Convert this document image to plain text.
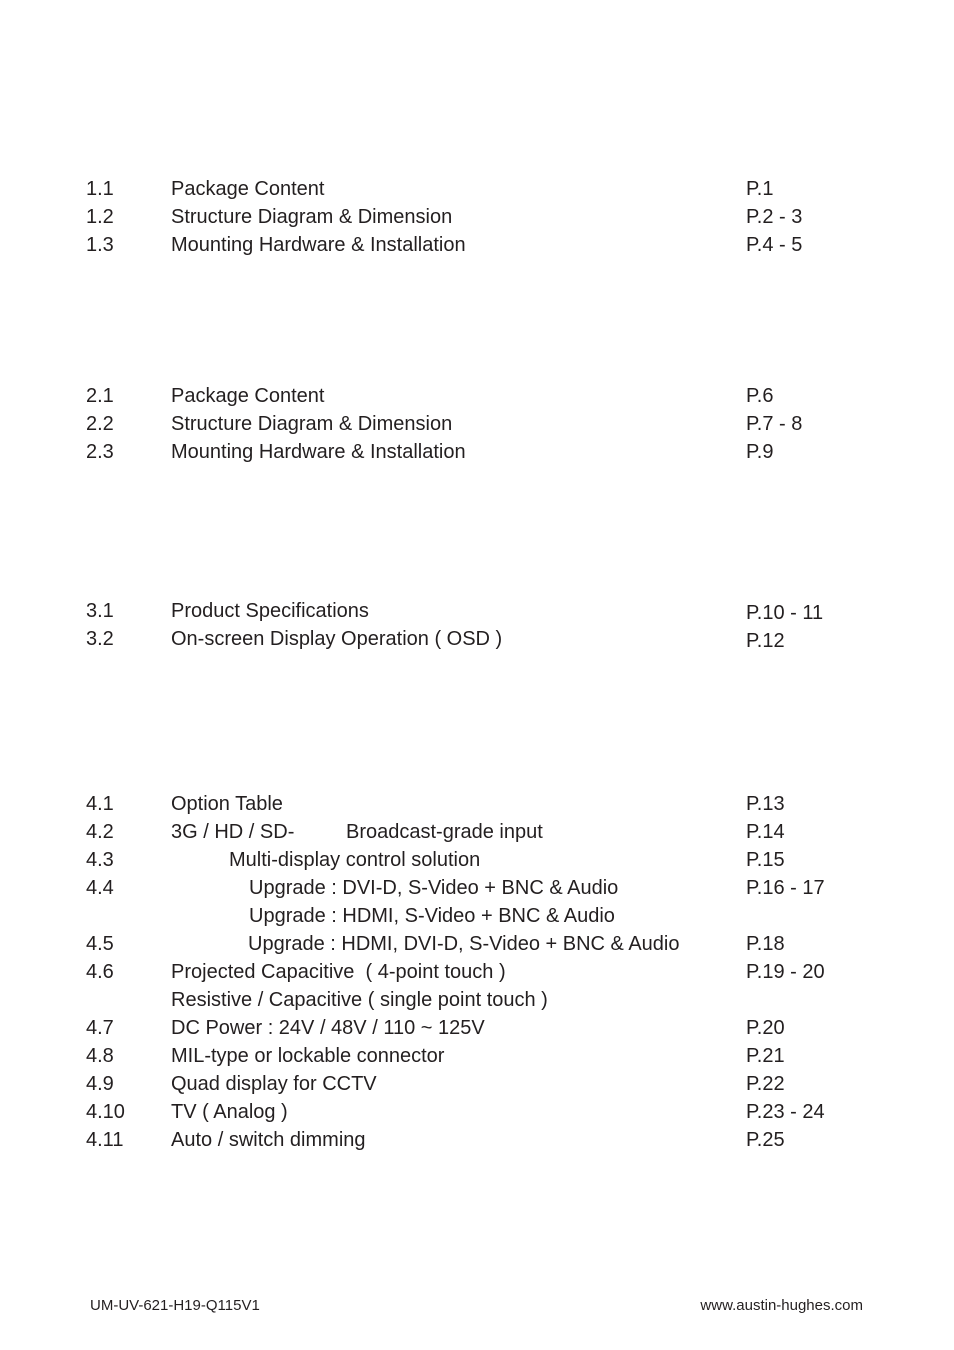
1.1	Package Content	P.1
1.2	Structure Diagram & Dimension	P.2 - 3
1.3	Mounting Hardware & Installation	P.4 - 5
2.1	Package Content	P.6
2.2	Structure Diagram & Dimension	P.7 - 8
2.3	Mounting Hardware & Installation	P.9
3.1	Product Specifications	P.10 - 11
3.2	On-screen Display Operation ( OSD )	P.12
4.1	Option Table	P.13
4.2	3G / HD / SD-	Broadcast-grade input	P.14
4.3	Multi-display control solution	P.15
4.4	Upgrade : DVI-D, S-Video + BNC & Audio	P.16 - 17
Upgrade : HDMI, S-Video + BNC & Audio
4.5	Upgrade : HDMI, DVI-D, S-Video + BNC & Audio	P.18
4.6	Projected Capacitive  ( 4-point touch )	P.19 - 20
Resistive / Capacitive ( single point touch )
4.7	DC Power : 24V / 48V / 110 ~ 125V	P.20
4.8	MIL-type or lockable connector	P.21
4.9	Quad display for CCTV	P.22
4.10 TV ( Analog )	P.23 - 24
4.11 Auto / switch dimming	P.25
UM-UV-621-H19-Q115V1	www.austin-hughes.com
